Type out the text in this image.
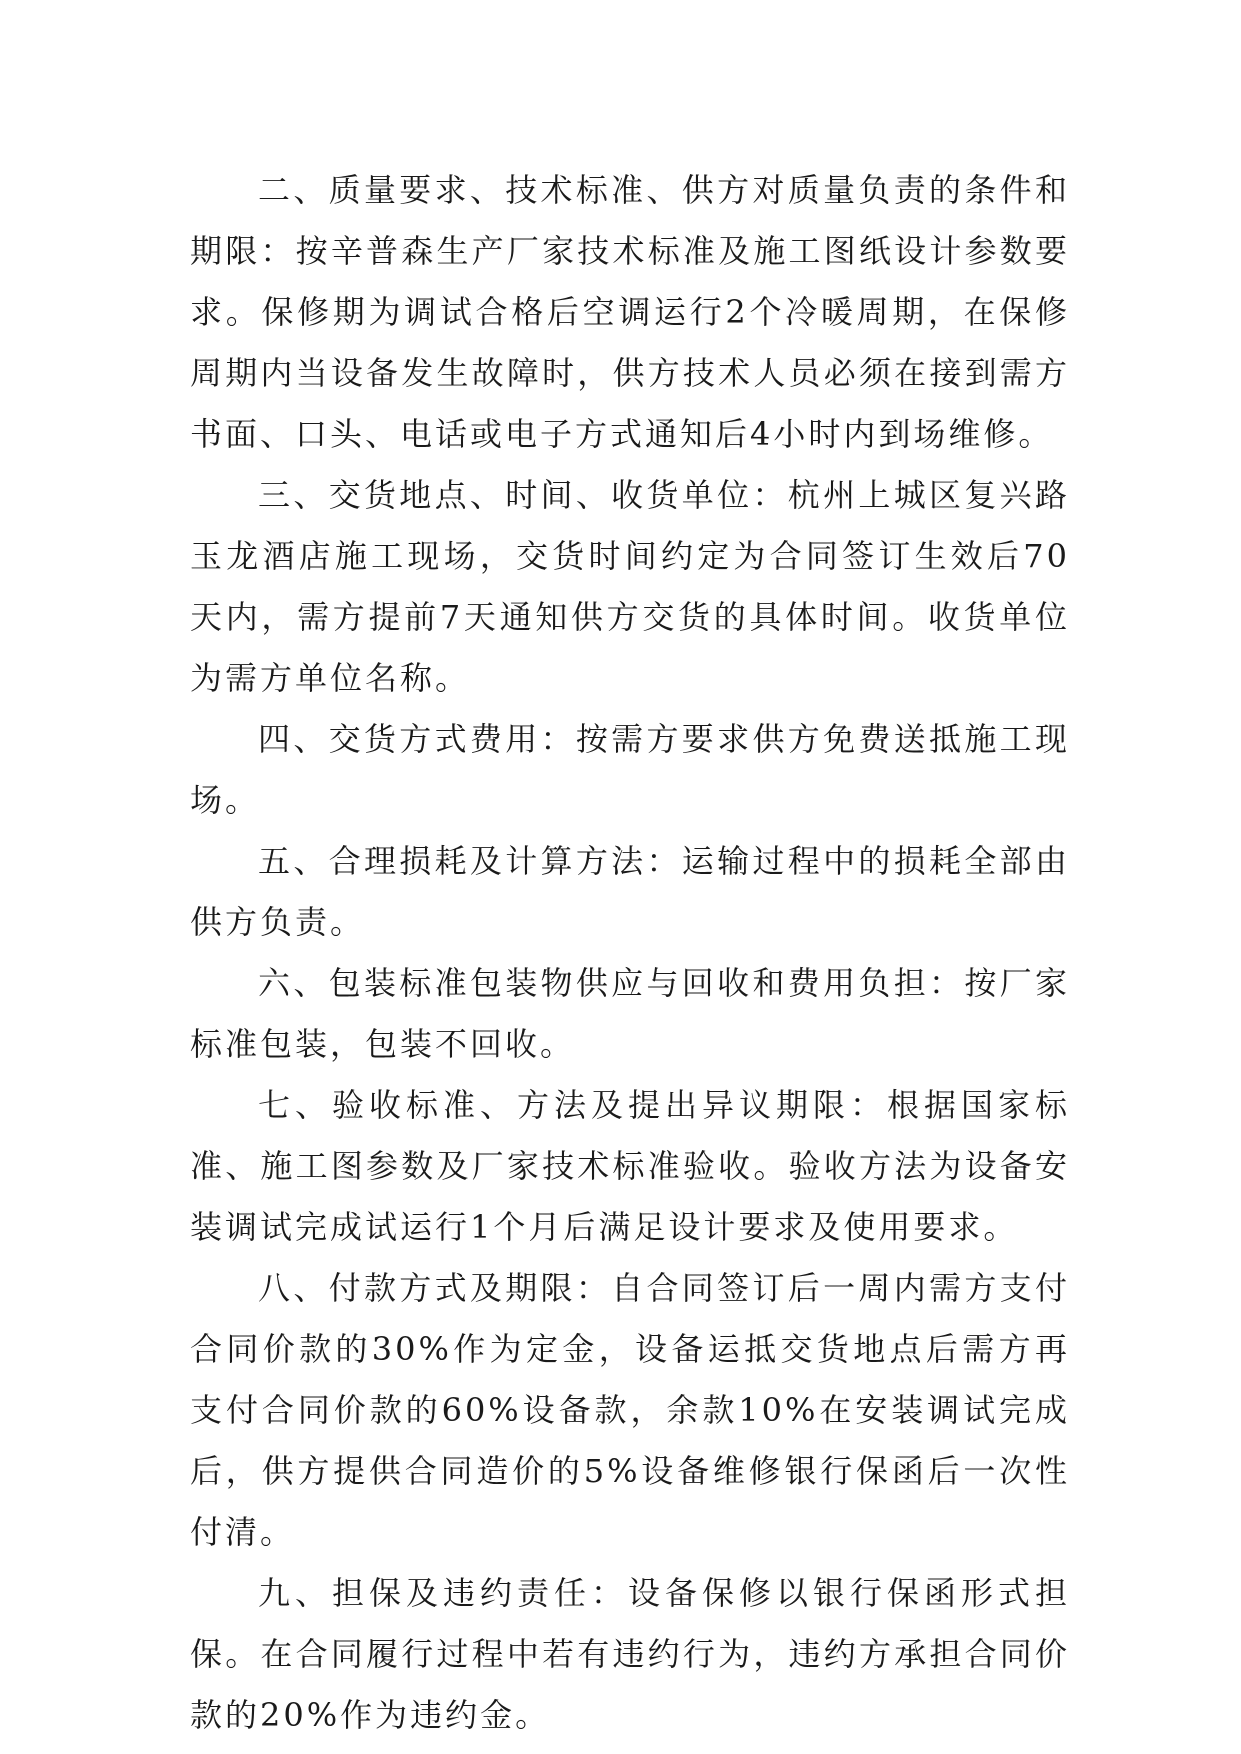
二、质量要求、技术标准、供方对质量负责的条件和期限：按辛普森生产厂家技术标准及施工图纸设计参数要求。保修期为调试合格后空调运行2个冷暖周期，在保修周期内当设备发生故障时，供方技术人员必须在接到需方书面、口头、电话或电子方式通知后4小时内到场维修。

三、交货地点、时间、收货单位：杭州上城区复兴路玉龙酒店施工现场，交货时间约定为合同签订生效后70天内，需方提前7天通知供方交货的具体时间。收货单位为需方单位名称。

四、交货方式费用：按需方要求供方免费送抵施工现场。

五、合理损耗及计算方法：运输过程中的损耗全部由供方负责。

六、包装标准包装物供应与回收和费用负担：按厂家标准包装，包装不回收。

七、验收标准、方法及提出异议期限：根据国家标准、施工图参数及厂家技术标准验收。验收方法为设备安装调试完成试运行1个月后满足设计要求及使用要求。

八、付款方式及期限：自合同签订后一周内需方支付合同价款的30%作为定金，设备运抵交货地点后需方再支付合同价款的60%设备款，余款10%在安装调试完成后，供方提供合同造价的5%设备维修银行保函后一次性付清。

九、担保及违约责任：设备保修以银行保函形式担保。在合同履行过程中若有违约行为，违约方承担合同价款的20%作为违约金。
